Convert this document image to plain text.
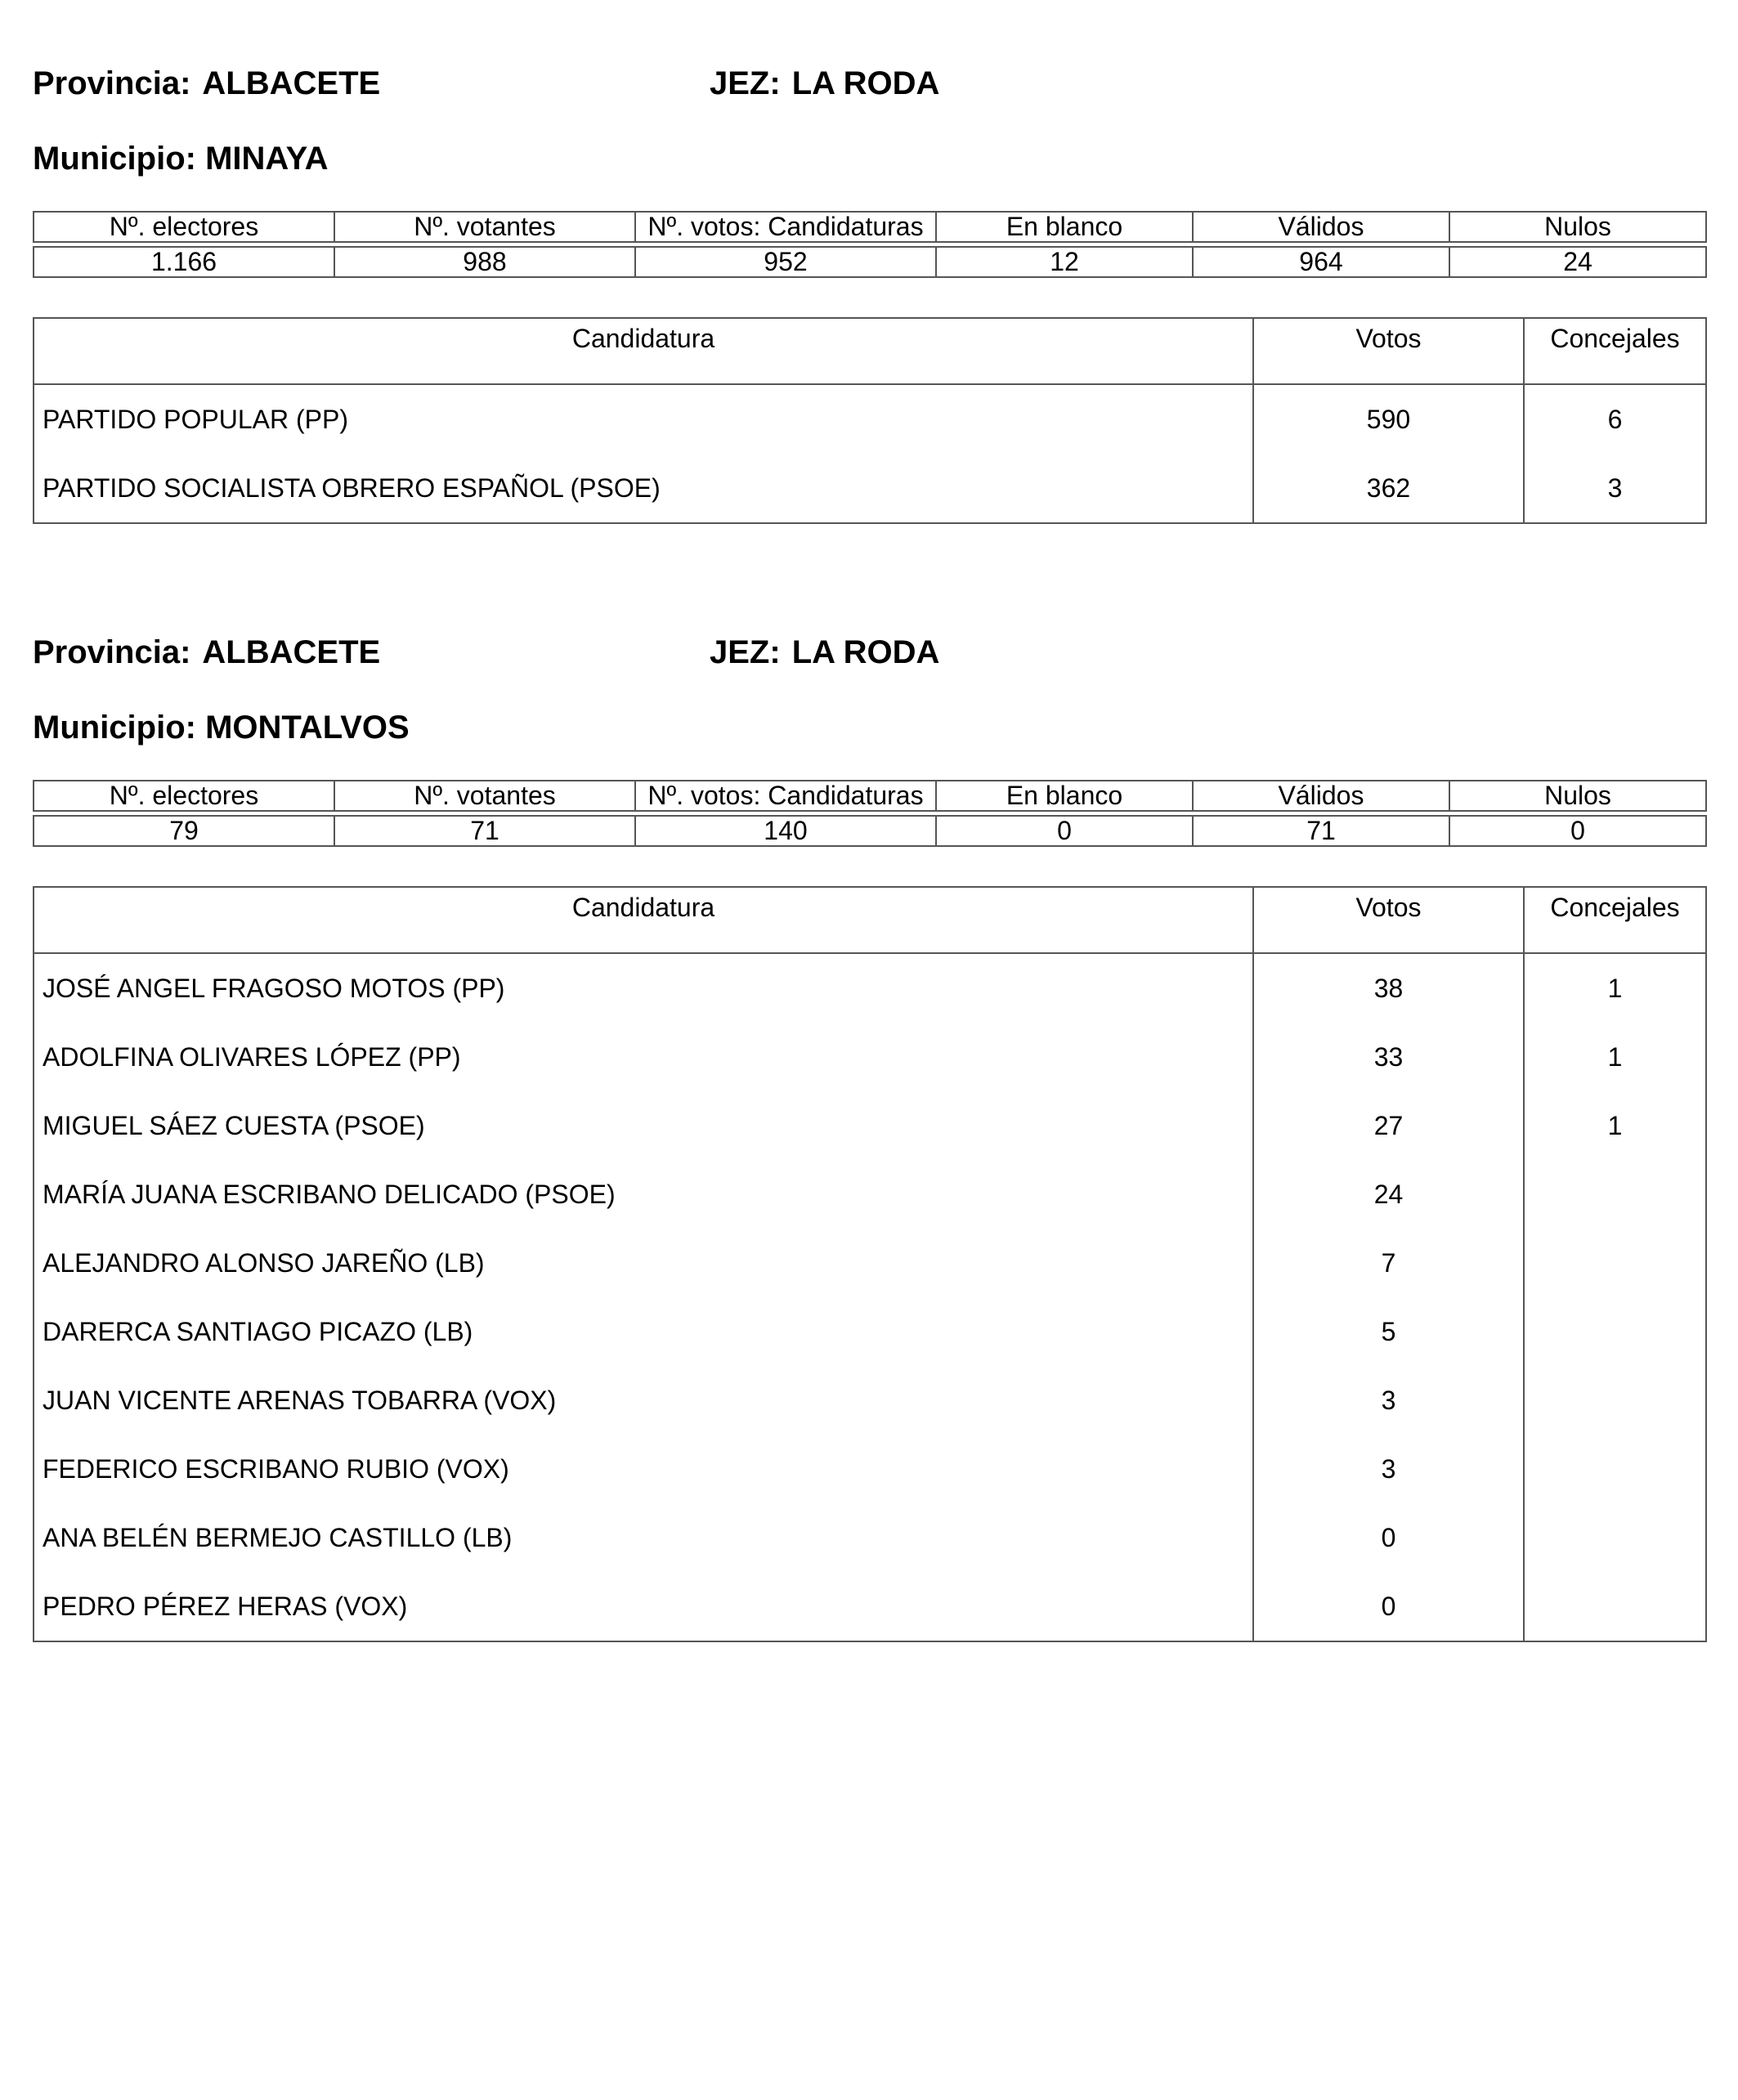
Provincia: ALBACETE	JEZ: LA RODA
Municipio: MINAYA
Nº. electores	Nº. votantes	Nº. votos: Candidaturas	En blanco	Válidos	Nulos
1.166	988	952	12	964	24
Candidatura	Votos	Concejales
PARTIDO POPULAR (PP)	590	6
PARTIDO SOCIALISTA OBRERO ESPAÑOL (PSOE)	362	3
Provincia: ALBACETE	JEZ: LA RODA
Municipio: MONTALVOS
Nº. electores	Nº. votantes	Nº. votos: Candidaturas	En blanco	Válidos	Nulos
79	71	140	0	71	0
Candidatura	Votos	Concejales
JOSÉ ANGEL FRAGOSO MOTOS (PP)	38	1
ADOLFINA OLIVARES LÓPEZ (PP)	33	1
MIGUEL SÁEZ CUESTA (PSOE)	27	1
MARÍA JUANA ESCRIBANO DELICADO (PSOE)	24	
ALEJANDRO ALONSO JAREÑO (LB)	7	
DARERCA SANTIAGO PICAZO (LB)	5	
JUAN VICENTE ARENAS TOBARRA (VOX)	3	
FEDERICO ESCRIBANO RUBIO (VOX)	3	
ANA BELÉN BERMEJO CASTILLO (LB)	0	
PEDRO PÉREZ HERAS (VOX)	0	
